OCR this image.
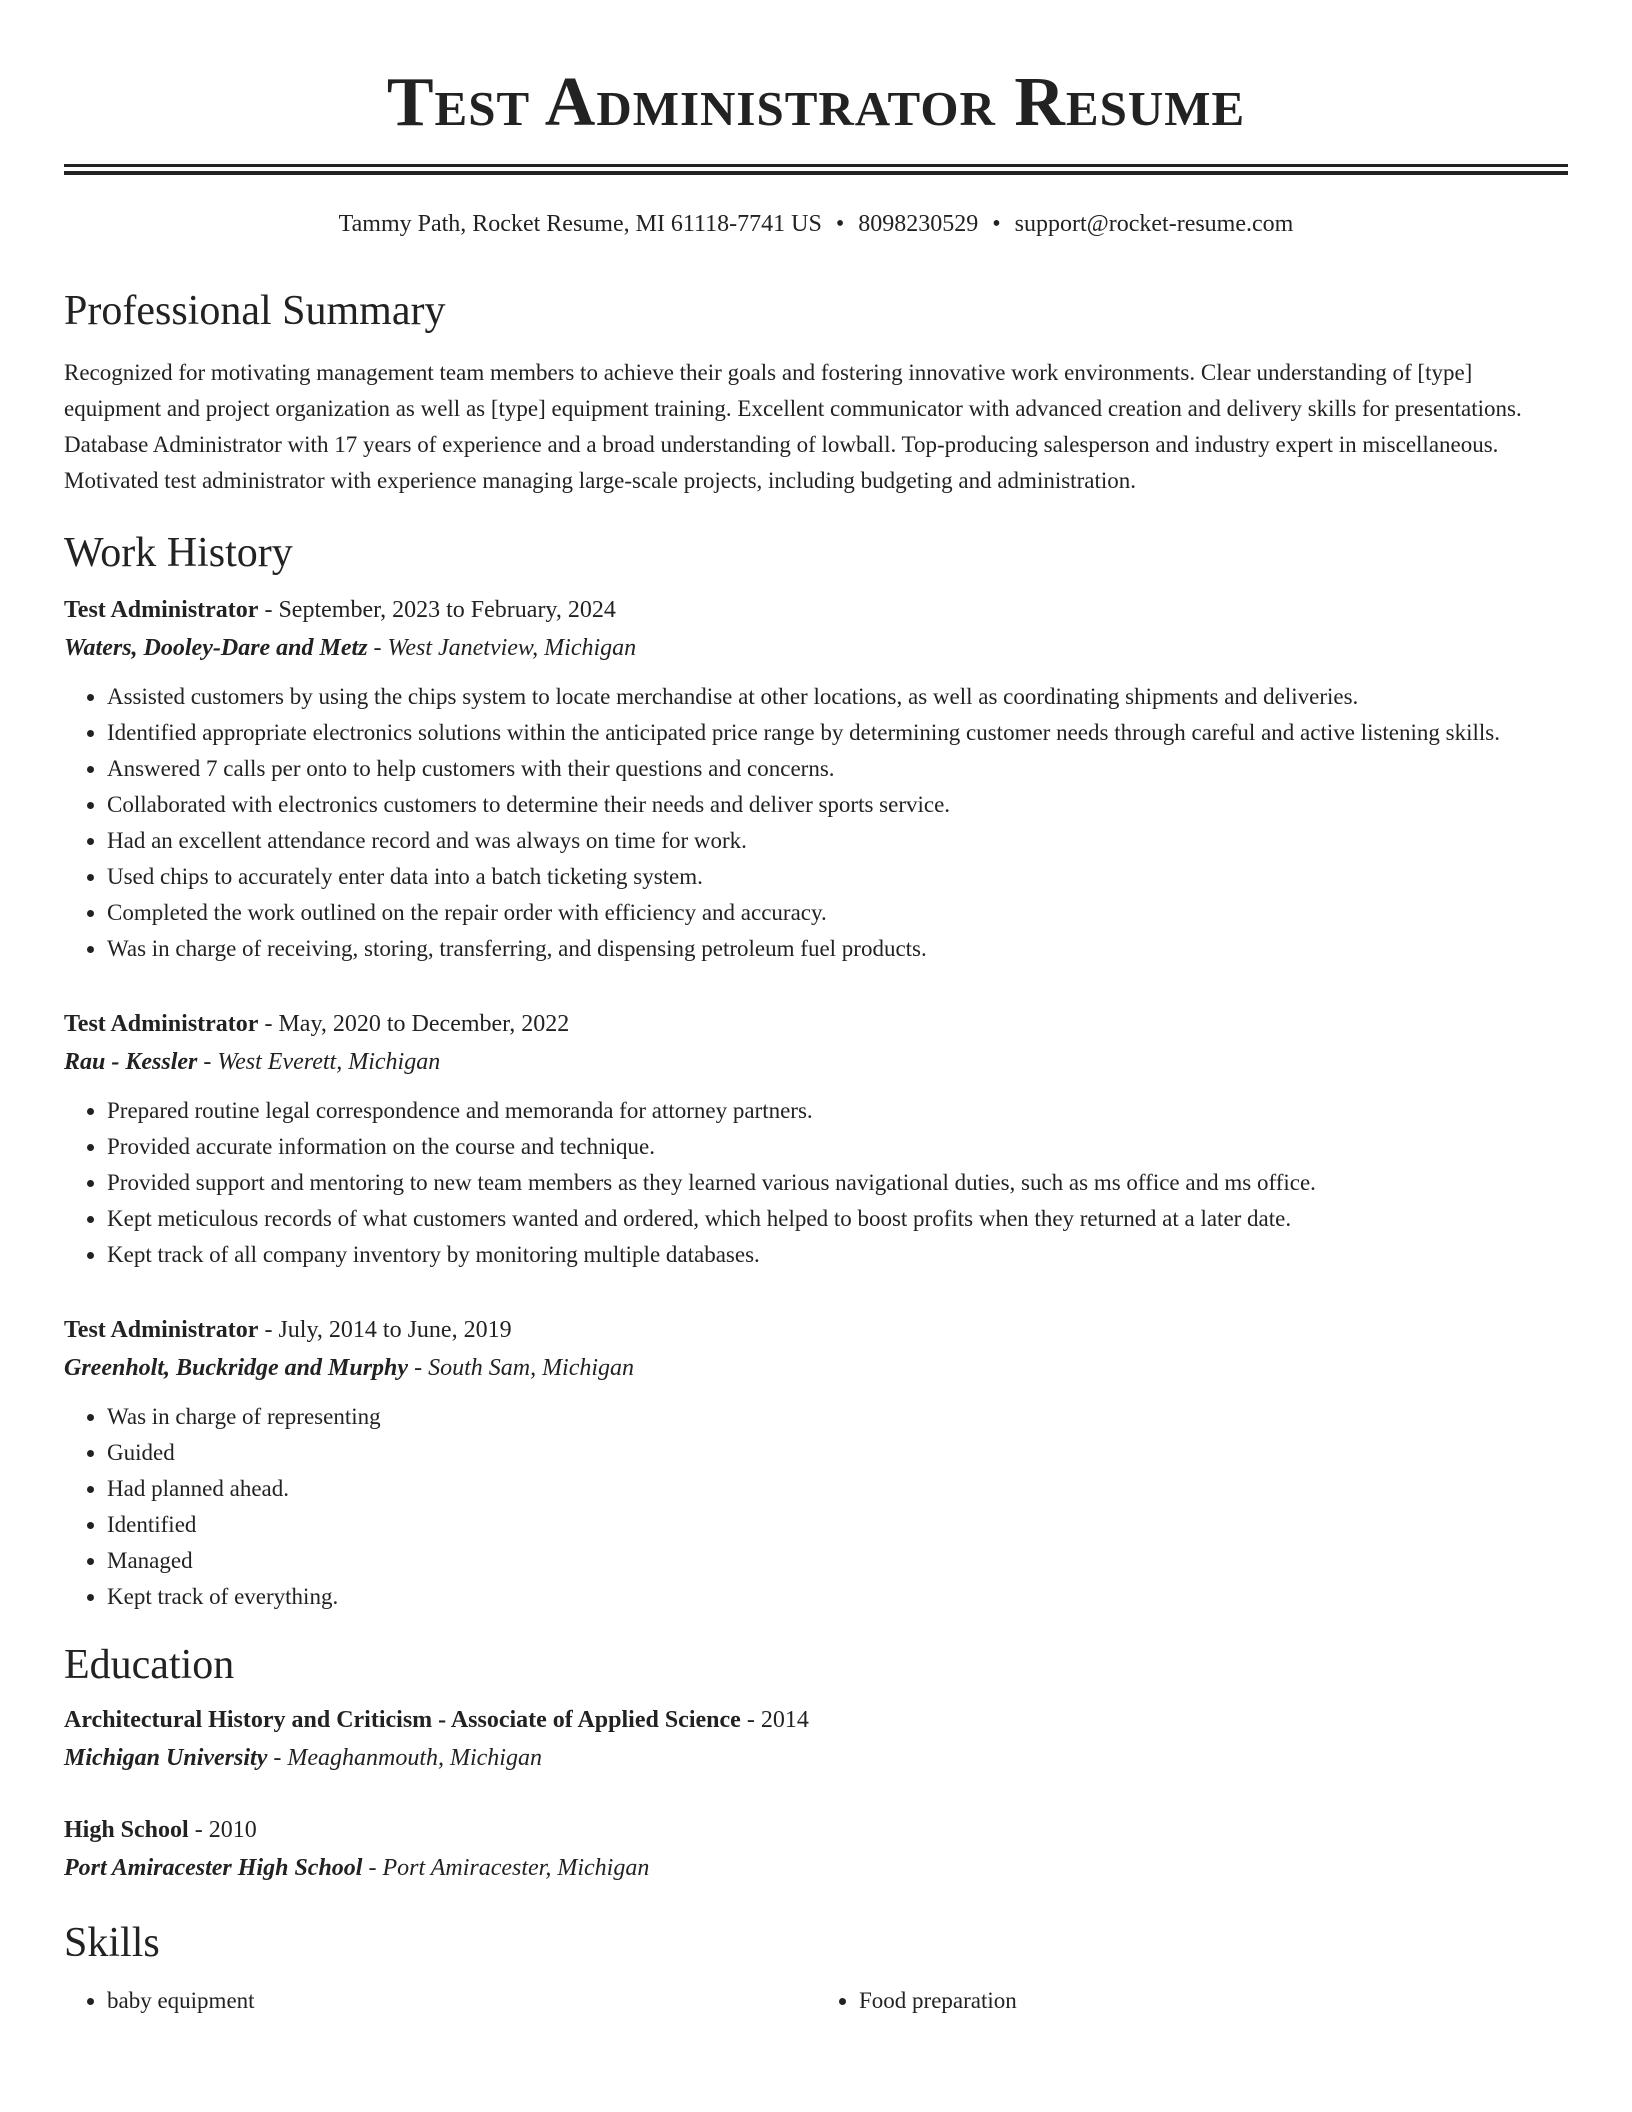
Test Administrator Resume
Tammy Path, Rocket Resume, MI 61118-7741 US • 8098230529 • support@rocket-resume.com
Professional Summary

Recognized for motivating management team members to achieve their goals and fostering innovative work environments. Clear understanding of [type] equipment and project organization as well as [type] equipment training. Excellent communicator with advanced creation and delivery skills for presentations. Database Administrator with 17 years of experience and a broad understanding of lowball. Top-producing salesperson and industry expert in miscellaneous. Motivated test administrator with experience managing large-scale projects, including budgeting and administration.

Work History
Test Administrator - September, 2023 to February, 2024
Waters, Dooley-Dare and Metz - West Janetview, Michigan
• Assisted customers by using the chips system to locate merchandise at other locations, as well as coordinating shipments and deliveries.
• Identified appropriate electronics solutions within the anticipated price range by determining customer needs through careful and active listening skills.
• Answered 7 calls per onto to help customers with their questions and concerns.
• Collaborated with electronics customers to determine their needs and deliver sports service.
• Had an excellent attendance record and was always on time for work.
• Used chips to accurately enter data into a batch ticketing system.
• Completed the work outlined on the repair order with efficiency and accuracy.
• Was in charge of receiving, storing, transferring, and dispensing petroleum fuel products.
Test Administrator - May, 2020 to December, 2022
Rau - Kessler - West Everett, Michigan
• Prepared routine legal correspondence and memoranda for attorney partners.
• Provided accurate information on the course and technique.
• Provided support and mentoring to new team members as they learned various navigational duties, such as ms office and ms office.
• Kept meticulous records of what customers wanted and ordered, which helped to boost profits when they returned at a later date.
• Kept track of all company inventory by monitoring multiple databases.
Test Administrator - July, 2014 to June, 2019
Greenholt, Buckridge and Murphy - South Sam, Michigan
• Was in charge of representing
• Guided
• Had planned ahead.
• Identified
• Managed
• Kept track of everything.
Education
Architectural History and Criticism - Associate of Applied Science - 2014
Michigan University - Meaghanmouth, Michigan
High School - 2010
Port Amiracester High School - Port Amiracester, Michigan
Skills
• baby equipment
•	Food preparation
